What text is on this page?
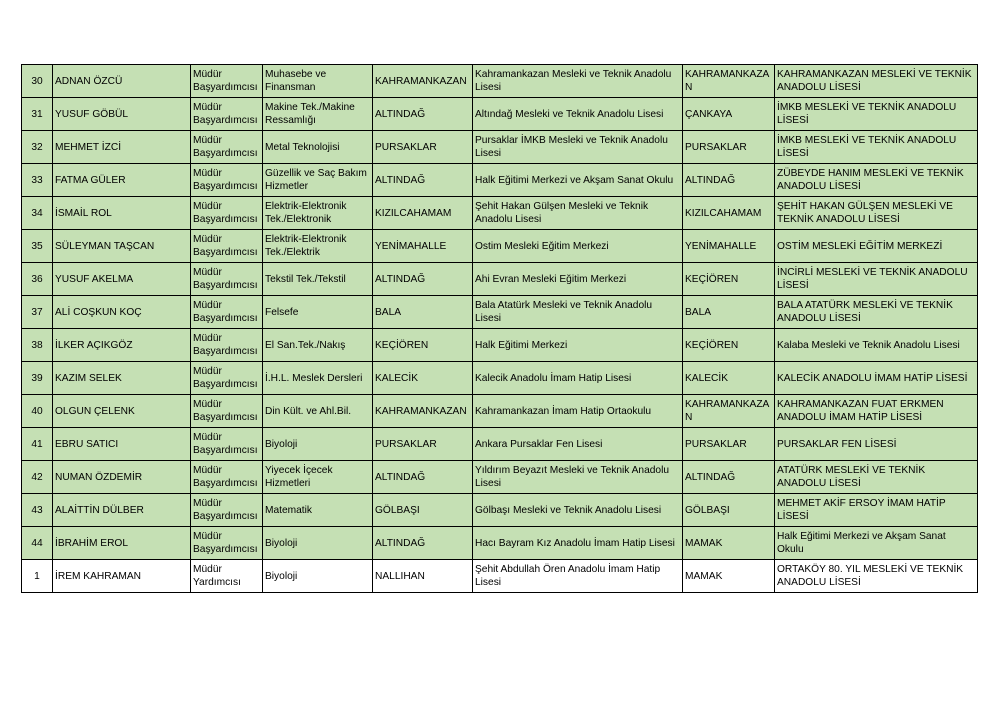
30	ADNAN ÖZCÜ	Müdür Başyardımcısı	Muhasebe ve Finansman	KAHRAMANKAZAN	Kahramankazan Mesleki ve Teknik Anadolu Lisesi	KAHRAMANKAZAN	KAHRAMANKAZAN MESLEKİ VE TEKNİK ANADOLU LİSESİ
31	YUSUF GÖBÜL	Müdür Başyardımcısı	Makine Tek./Makine Ressamlığı	ALTINDAĞ	Altındağ Mesleki ve Teknik Anadolu Lisesi	ÇANKAYA	İMKB MESLEKİ VE TEKNİK ANADOLU LİSESİ
32	MEHMET İZCİ	Müdür Başyardımcısı	Metal Teknolojisi	PURSAKLAR	Pursaklar İMKB Mesleki ve Teknik Anadolu Lisesi	PURSAKLAR	İMKB MESLEKİ VE TEKNİK ANADOLU LİSESİ
33	FATMA GÜLER	Müdür Başyardımcısı	Güzellik ve Saç Bakım Hizmetler	ALTINDAĞ	Halk Eğitimi Merkezi ve Akşam Sanat Okulu	ALTINDAĞ	ZÜBEYDE HANIM MESLEKİ VE TEKNİK ANADOLU LİSESİ
34	İSMAİL ROL	Müdür Başyardımcısı	Elektrik-Elektronik Tek./Elektronik	KIZILCAHAMAM	Şehit Hakan Gülşen Mesleki ve Teknik Anadolu Lisesi	KIZILCAHAMAM	ŞEHİT HAKAN GÜLŞEN MESLEKİ VE TEKNİK ANADOLU LİSESİ
35	SÜLEYMAN TAŞCAN	Müdür Başyardımcısı	Elektrik-Elektronik Tek./Elektrik	YENİMAHALLE	Ostim Mesleki Eğitim Merkezi	YENİMAHALLE	OSTİM MESLEKİ EĞİTİM MERKEZİ
36	YUSUF AKELMA	Müdür Başyardımcısı	Tekstil Tek./Tekstil	ALTINDAĞ	Ahi Evran Mesleki Eğitim Merkezi	KEÇİÖREN	İNCİRLİ MESLEKİ VE TEKNİK ANADOLU LİSESİ
37	ALİ COŞKUN KOÇ	Müdür Başyardımcısı	Felsefe	BALA	Bala Atatürk Mesleki ve Teknik Anadolu Lisesi	BALA	BALA ATATÜRK MESLEKİ VE TEKNİK ANADOLU LİSESİ
38	İLKER AÇIKGÖZ	Müdür Başyardımcısı	El San.Tek./Nakış	KEÇİÖREN	Halk Eğitimi Merkezi	KEÇİÖREN	Kalaba Mesleki ve Teknik Anadolu Lisesi
39	KAZIM SELEK	Müdür Başyardımcısı	İ.H.L. Meslek Dersleri	KALECİK	Kalecik Anadolu İmam Hatip Lisesi	KALECİK	KALECİK ANADOLU İMAM HATİP LİSESİ
40	OLGUN ÇELENK	Müdür Başyardımcısı	Din Kült. ve Ahl.Bil.	KAHRAMANKAZAN	Kahramankazan İmam Hatip Ortaokulu	KAHRAMANKAZAN	KAHRAMANKAZAN FUAT ERKMEN ANADOLU İMAM HATİP LİSESİ
41	EBRU SATICI	Müdür Başyardımcısı	Biyoloji	PURSAKLAR	Ankara Pursaklar Fen Lisesi	PURSAKLAR	PURSAKLAR FEN LİSESİ
42	NUMAN ÖZDEMİR	Müdür Başyardımcısı	Yiyecek İçecek Hizmetleri	ALTINDAĞ	Yıldırım Beyazıt Mesleki ve Teknik Anadolu Lisesi	ALTINDAĞ	ATATÜRK MESLEKİ VE TEKNİK ANADOLU LİSESİ
43	ALAİTTİN DÜLBER	Müdür Başyardımcısı	Matematik	GÖLBAŞI	Gölbaşı Mesleki ve Teknik Anadolu Lisesi	GÖLBAŞI	MEHMET AKİF ERSOY İMAM HATİP LİSESİ
44	İBRAHİM EROL	Müdür Başyardımcısı	Biyoloji	ALTINDAĞ	Hacı Bayram Kız Anadolu İmam Hatip Lisesi	MAMAK	Halk Eğitimi Merkezi ve Akşam Sanat Okulu
1	İREM KAHRAMAN	Müdür Yardımcısı	Biyoloji	NALLIHAN	Şehit Abdullah Ören Anadolu İmam Hatip Lisesi	MAMAK	ORTAKÖY 80. YIL MESLEKİ VE TEKNİK ANADOLU LİSESİ
